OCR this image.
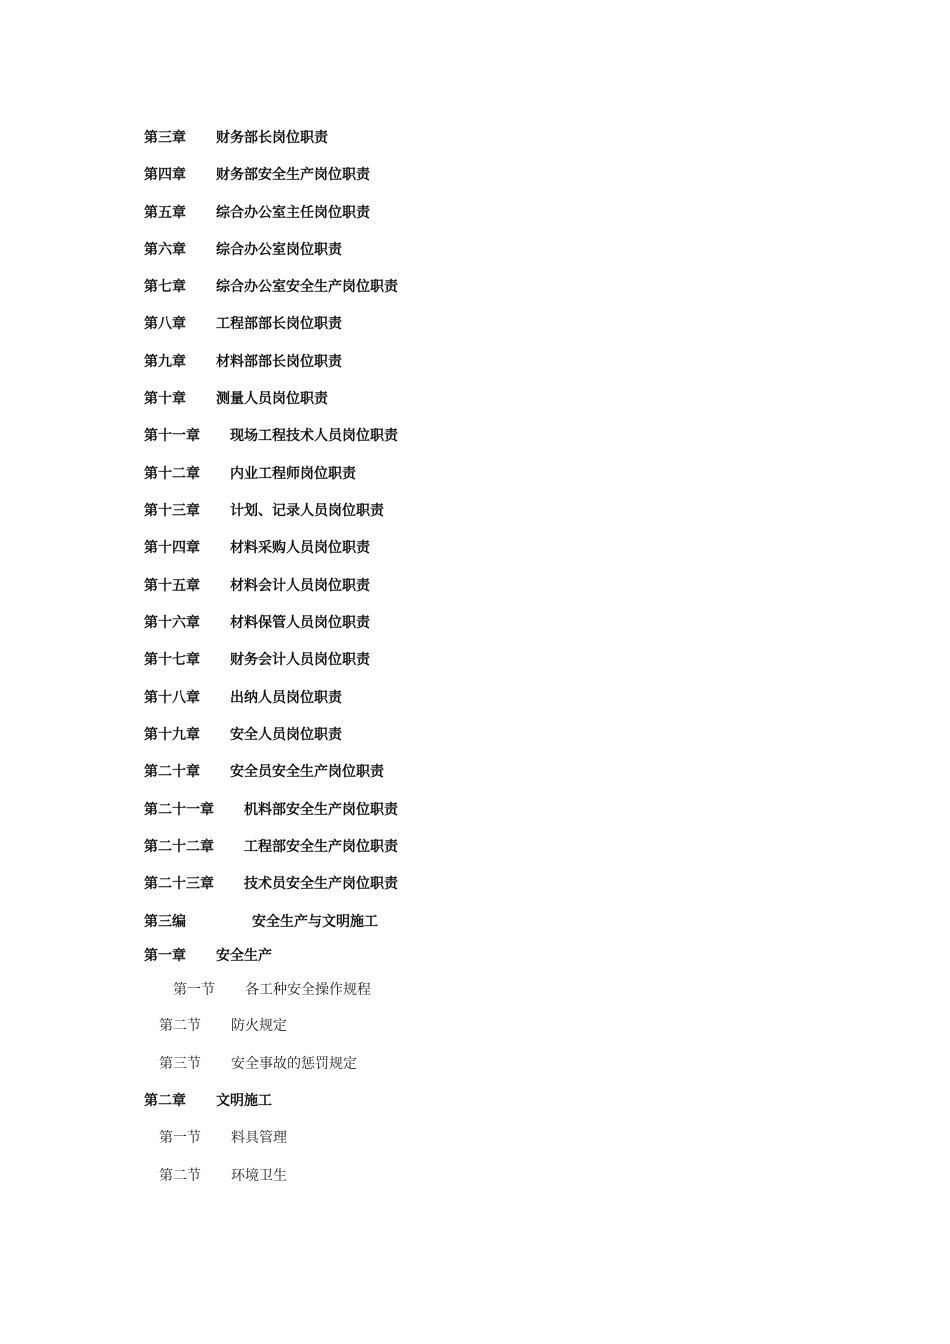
第三章 财务部长岗位职责
第四章 财务部安全生产岗位职责
第五章 综合办公室主任岗位职责
第六章 综合办公室岗位职责
第七章 综合办公室安全生产岗位职责
第八章 工程部部长岗位职责
第九章 材料部部长岗位职责
第十章 测量人员岗位职责
第十一章 现场工程技术人员岗位职责
第十二章 内业工程师岗位职责
第十三章 计划、记录人员岗位职责
第十四章 材料采购人员岗位职责
第十五章 材料会计人员岗位职责
第十六章 材料保管人员岗位职责
第十七章 财务会计人员岗位职责
第十八章 出纳人员岗位职责
第十九章 安全人员岗位职责
第二十章 安全员安全生产岗位职责
第二十一章 机料部安全生产岗位职责
第二十二章 工程部安全生产岗位职责
第二十三章 技术员安全生产岗位职责
第三编	安全生产与文明施工
第一章 安全生产
第一节 各工种安全操作规程
第二节 防火规定
第三节 安全事故的惩罚规定
第二章 文明施工
第一节 料具管理
第二节 环境卫生
